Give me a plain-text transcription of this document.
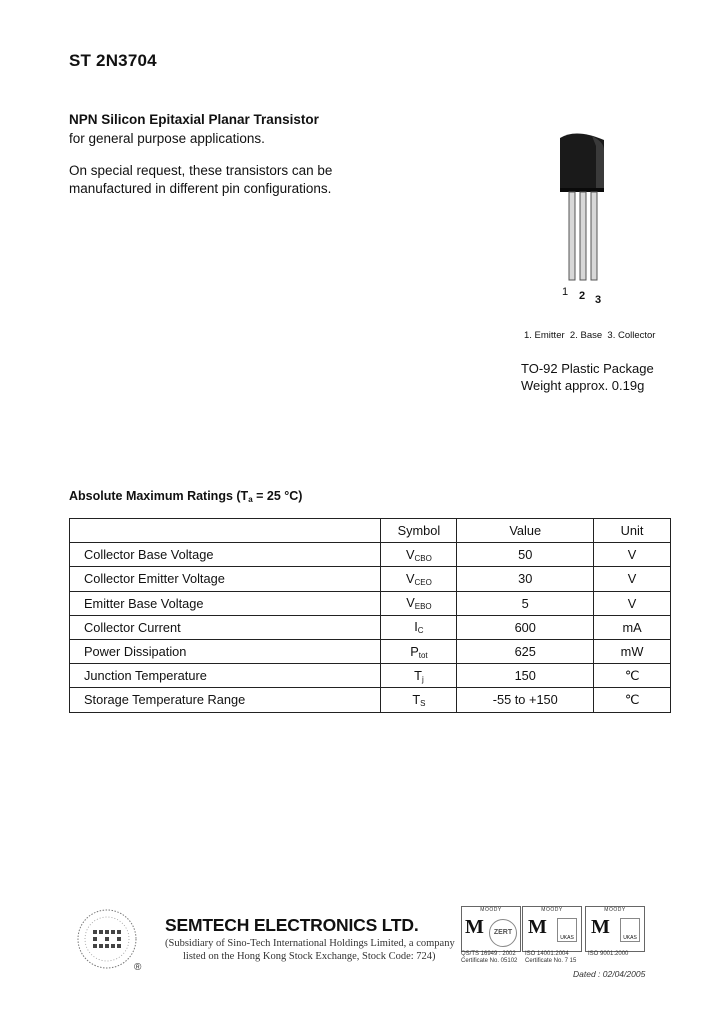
ST 2N3704
NPN Silicon Epitaxial Planar Transistor
for general purpose applications.
On special request, these transistors can be
manufactured in different pin configurations.
1 2 3
1. Emitter  2. Base  3. Collector
TO-92 Plastic Package
Weight approx. 0.19g
Absolute Maximum Ratings ($T_a = 25$ °C)
	Symbol	Value	Unit
Collector Base Voltage	$V_{CBO}$	50	V
Collector Emitter Voltage	$V_{CEO}$	30	V
Emitter Base Voltage	$V_{EBO}$	5	V
Collector Current	$I_C$	600	mA
Power Dissipation	$P_{tot}$	625	mW
Junction Temperature	$T_j$	150	℃
Storage Temperature Range	$T_S$	-55 to +150	℃
®
SEMTECH ELECTRONICS LTD.
(Subsidiary of Sino-Tech International Holdings Limited, a company
listed on the Hong Kong Stock Exchange, Stock Code: 724)
MOODY
M	ZERT
MOODY
M	UKAS
MOODY
M	UKAS
QS/TS 16949 : 2002
Certificate No. 05102
ISO 14001:2004
Certificate No. 7 15
ISO 9001:2000
Dated : 02/04/2005
